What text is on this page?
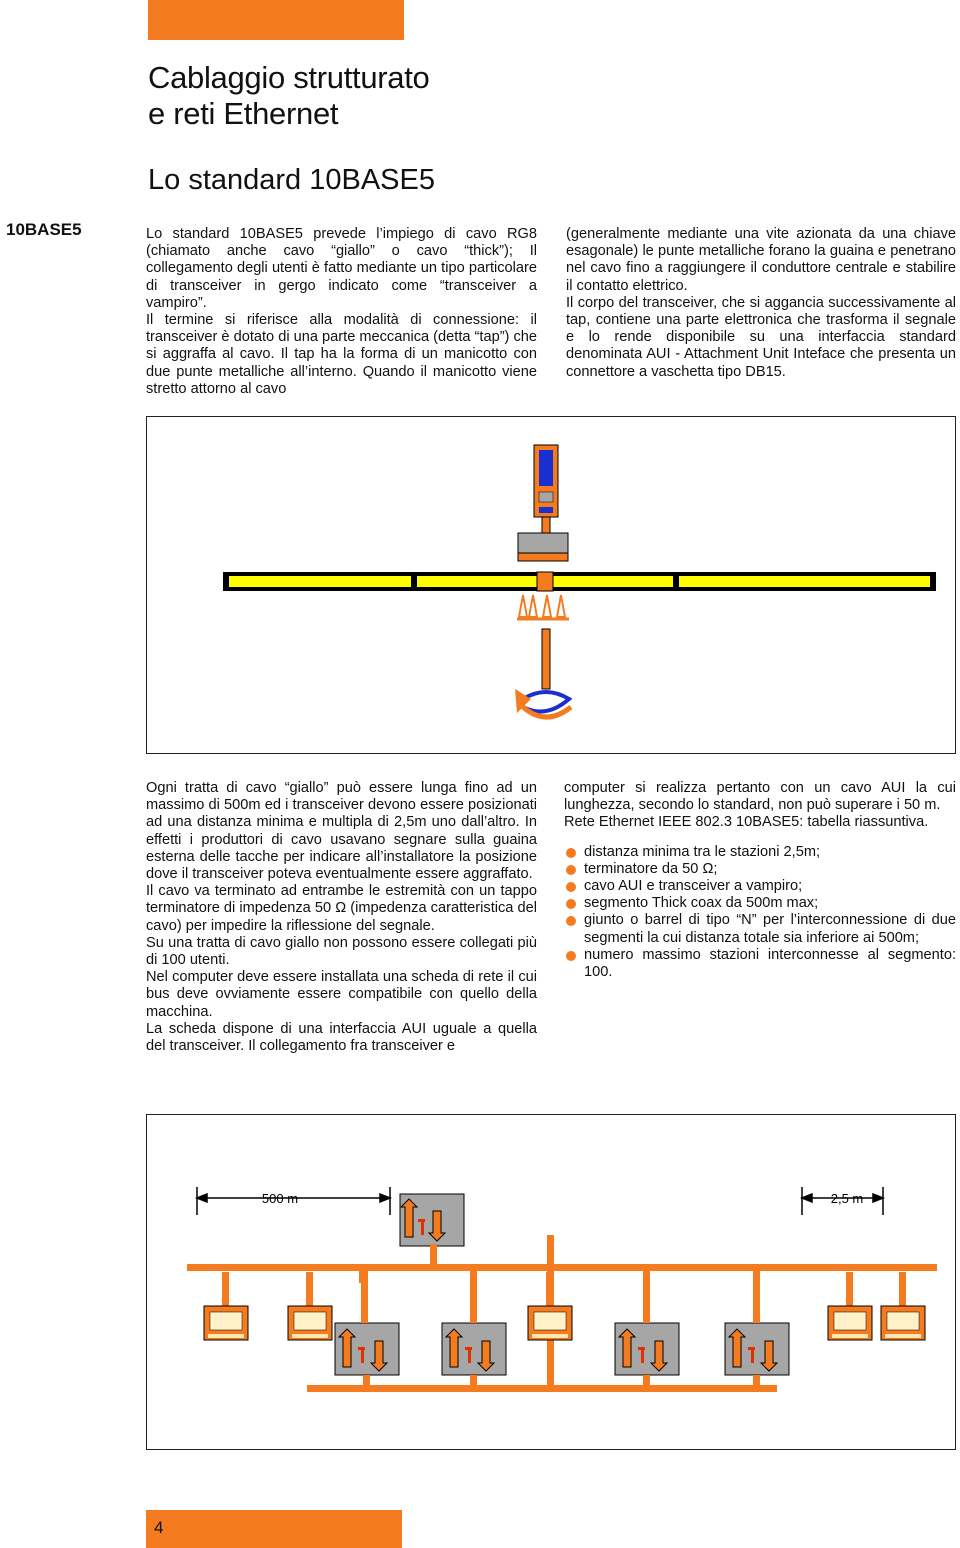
Cablaggio strutturato
e reti Ethernet
Lo standard 10BASE5
10BASE5	Lo standard 10BASE5 prevede l’impiego di cavo RG8 (chiamato anche cavo “giallo” o cavo “thick”); Il collegamento degli utenti è fatto mediante un tipo particolare di transceiver in gergo indicato come “transceiver a vampiro”.

Il termine si riferisce alla modalità di connessione: il transceiver è dotato di una parte meccanica (detta “tap”) che si aggraffa al cavo. Il tap ha la forma di un manicotto con due punte metalliche all’interno. Quando il manicotto viene stretto attorno al cavo

(generalmente mediante una vite azionata da una chiave esagonale) le punte metalliche forano la guaina e penetrano nel cavo fino a raggiungere il conduttore centrale e stabilire il contatto elettrico.

Il corpo del transceiver, che si aggancia successivamente al tap, contiene una parte elettronica che trasforma il segnale e lo rende disponibile su una interfaccia standard denominata AUI - Attachment Unit Inteface che presenta un connettore a vaschetta tipo DB15.

Ogni tratta di cavo “giallo” può essere lunga fino ad un massimo di 500m ed i transceiver devono essere posizionati ad una distanza minima e multipla di 2,5m uno dall’altro. In effetti i produttori di cavo usavano segnare sulla guaina esterna delle tacche per indicare all’installatore la posizione dove il transceiver poteva eventualmente essere aggraffato.

Il cavo va terminato ad entrambe le estremità con un tappo terminatore di impedenza 50 Ω (impedenza caratteristica del cavo) per impedire la riflessione del segnale.

Su una tratta di cavo giallo non possono essere collegati più di 100 utenti.

Nel computer deve essere installata una scheda di rete il cui bus deve ovviamente essere compatibile con quello della macchina.

La scheda dispone di una interfaccia AUI uguale a quella del transceiver. Il collegamento fra transceiver e

computer si realizza pertanto con un cavo AUI la cui lunghezza, secondo lo standard, non può superare i 50 m.

Rete Ethernet IEEE 802.3 10BASE5: tabella riassuntiva.

distanza minima tra le stazioni 2,5m;
terminatore da 50 Ω;
cavo AUI e transceiver a vampiro;
segmento Thick coax da 500m max;
giunto o barrel di tipo “N” per l’interconnessione di due segmenti la cui distanza totale sia inferiore ai 500m;
numero massimo stazioni interconnesse al segmento: 100.
500 m	2,5 m
4
